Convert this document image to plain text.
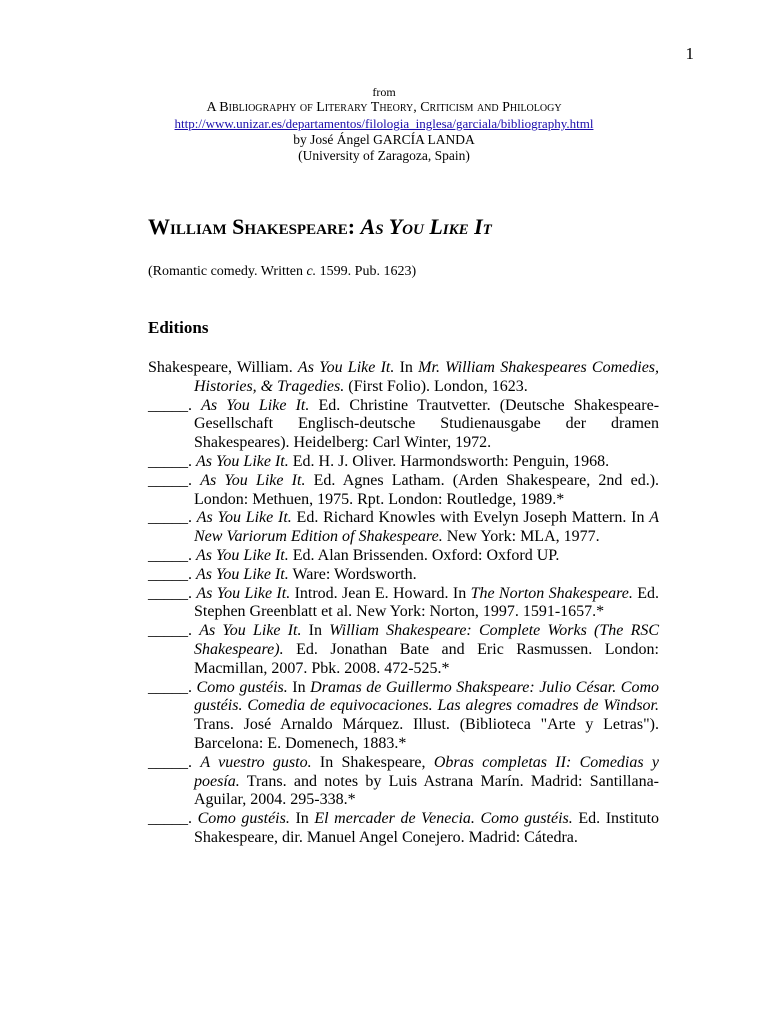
1
from
A Bibliography of Literary Theory, Criticism and Philology
http://www.unizar.es/departamentos/filologia_inglesa/garciala/bibliography.html
by José Ángel GARCÍA LANDA
(University of Zaragoza, Spain)
William Shakespeare: As You Like It
(Romantic comedy. Written c. 1599. Pub. 1623)
Editions

Shakespeare, William. As You Like It. In Mr. William Shakespeares Comedies, Histories, & Tragedies. (First Folio). London, 1623.

_____. As You Like It. Ed. Christine Trautvetter. (Deutsche Shakespeare-Gesellschaft Englisch-deutsche Studienausgabe der dramen Shakespeares). Heidelberg: Carl Winter, 1972.

_____. As You Like It. Ed. H. J. Oliver. Harmondsworth: Penguin, 1968.

_____. As You Like It. Ed. Agnes Latham. (Arden Shakespeare, 2nd ed.). London: Methuen, 1975. Rpt. London: Routledge, 1989.*

_____. As You Like It. Ed. Richard Knowles with Evelyn Joseph Mattern. In A New Variorum Edition of Shakespeare. New York: MLA, 1977.

_____. As You Like It. Ed. Alan Brissenden. Oxford: Oxford UP.

_____. As You Like It. Ware: Wordsworth.

_____. As You Like It. Introd. Jean E. Howard. In The Norton Shakespeare. Ed. Stephen Greenblatt et al. New York: Norton, 1997. 1591-1657.*

_____. As You Like It. In William Shakespeare: Complete Works (The RSC Shakespeare). Ed. Jonathan Bate and Eric Rasmussen. London: Macmillan, 2007. Pbk. 2008. 472-525.*

_____. Como gustéis. In Dramas de Guillermo Shakspeare: Julio César. Como gustéis. Comedia de equivocaciones. Las alegres comadres de Windsor. Trans. José Arnaldo Márquez. Illust. (Biblioteca "Arte y Letras"). Barcelona: E. Domenech, 1883.*

_____. A vuestro gusto. In Shakespeare, Obras completas II: Comedias y poesía. Trans. and notes by Luis Astrana Marín. Madrid: Santillana-Aguilar, 2004. 295-338.*

_____. Como gustéis. In El mercader de Venecia. Como gustéis. Ed. Instituto Shakespeare, dir. Manuel Angel Conejero. Madrid: Cátedra.
